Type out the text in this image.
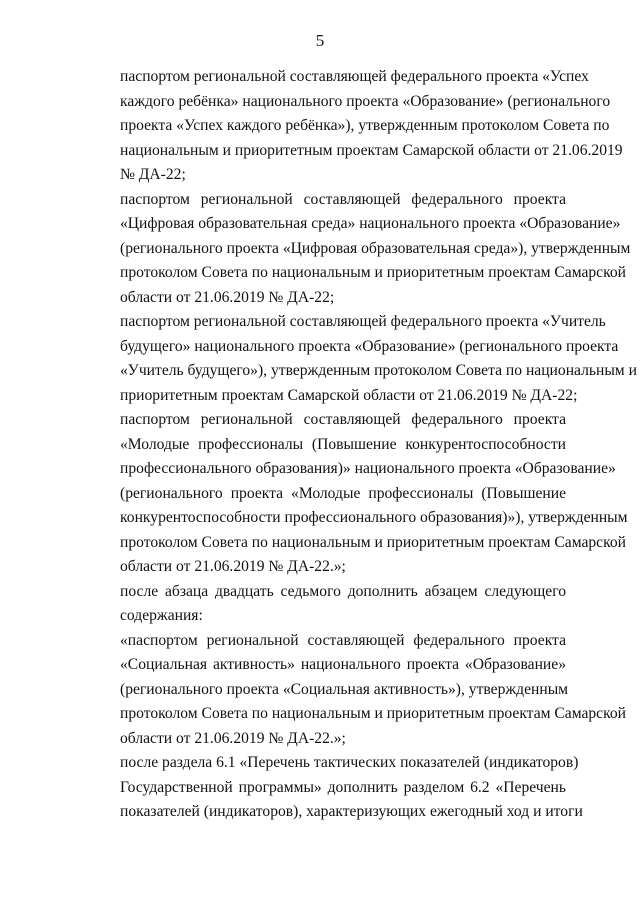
5
паспортом региональной составляющей федерального проекта «Успех
каждого ребёнка» национального проекта «Образование» (регионального
проекта «Успех каждого ребёнка»), утвержденным протоколом Совета по
национальным и приоритетным проектам Самарской области от 21.06.2019
№ ДА-22;
паспортом региональной составляющей федерального проекта
«Цифровая образовательная среда» национального проекта «Образование»
(регионального проекта «Цифровая образовательная среда»), утвержденным
протоколом Совета по национальным и приоритетным проектам Самарской
области от 21.06.2019 № ДА-22;
паспортом региональной составляющей федерального проекта «Учитель
будущего» национального проекта «Образование» (регионального проекта
«Учитель будущего»), утвержденным протоколом Совета по национальным и
приоритетным проектам Самарской области от 21.06.2019 № ДА-22;
паспортом региональной составляющей федерального проекта
«Молодые профессионалы (Повышение конкурентоспособности
профессионального образования)» национального проекта «Образование»
(регионального проекта «Молодые профессионалы (Повышение
конкурентоспособности профессионального образования)»), утвержденным
протоколом Совета по национальным и приоритетным проектам Самарской
области от 21.06.2019 № ДА-22.»;
после абзаца двадцать седьмого дополнить абзацем следующего
содержания:
«паспортом региональной составляющей федерального проекта
«Социальная активность» национального проекта «Образование»
(регионального проекта «Социальная активность»), утвержденным
протоколом Совета по национальным и приоритетным проектам Самарской
области от 21.06.2019 № ДА-22.»;
после раздела 6.1 «Перечень тактических показателей (индикаторов)
Государственной программы» дополнить разделом 6.2 «Перечень
показателей (индикаторов), характеризующих ежегодный ход и итоги
